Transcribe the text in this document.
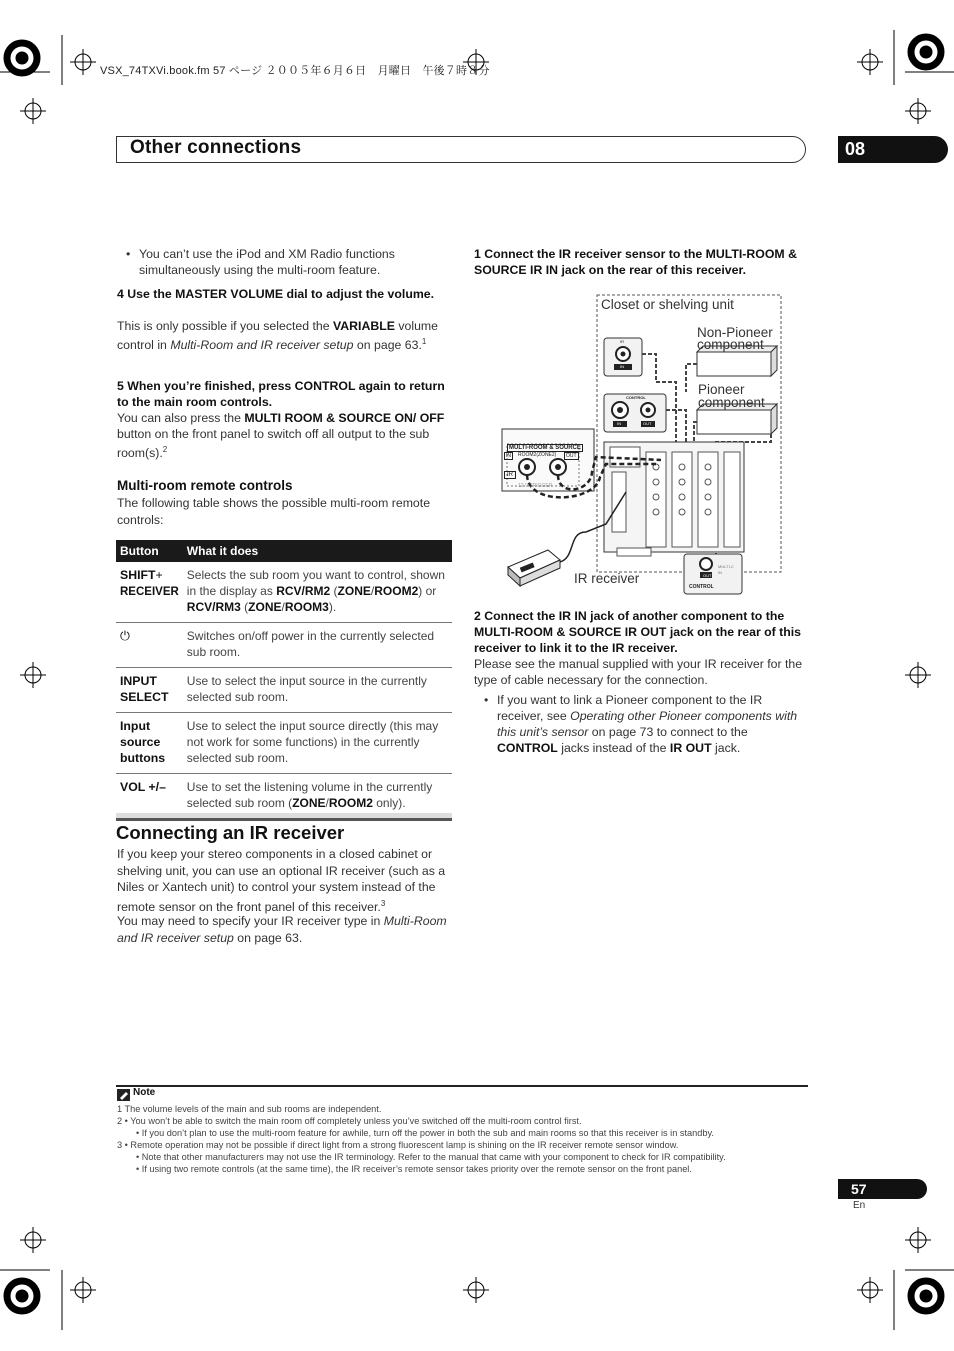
VSX_74TXVi.book.fm 57 ページ ２００５年６月６日　月曜日　午後７時８分
Other connections	08
• You can’t use the iPod and XM Radio functions simultaneously using the multi-room feature.
4 Use the MASTER VOLUME dial to adjust the volume.
This is only possible if you selected the VARIABLE volume control in Multi-Room and IR receiver setup on page 63.$^1$
5 When you’re finished, press CONTROL again to return to the main room controls.
You can also press the MULTI ROOM & SOURCE ON/ OFF button on the front panel to switch off all output to the sub room(s).$^2$
Multi-room remote controls
The following table shows the possible multi-room remote controls:
Button	What it does
SHIFT+
RECEIVER	Selects the sub room you want to control, shown in the display as RCV/RM2 (ZONE/ROOM2) or RCV/RM3 (ZONE/ROOM3).
⏻	Switches on/off power in the currently selected sub room.
INPUT SELECT	Use to select the input source in the currently selected sub room.
Input source buttons	Use to select the input source directly (this may not work for some functions) in the currently selected sub room.
VOL +/–	Use to set the listening volume in the currently selected sub room (ZONE/ROOM2 only).
Connecting an IR receiver
If you keep your stereo components in a closed cabinet or shelving unit, you can use an optional IR receiver (such as a Niles or Xantech unit) to control your system instead of the remote sensor on the front panel of this receiver.$^3$
You may need to specify your IR receiver type in Multi-Room and IR receiver setup on page 63.
1 Connect the IR receiver sensor to the MULTI-ROOM & SOURCE IR IN jack on the rear of this receiver.
Closet or shelving unit
Non-Pioneer
component
Pioneer
component
IR receiver
MULTI-ROOM & SOURCE
ROOM2(ZONE2)
IN	OUT
IR
12 V TRIGGER
IR
IN
CONTROL
IN	OUT
CONTROL
MULTI-C
IN
OUT
2 Connect the IR IN jack of another component to the MULTI-ROOM & SOURCE IR OUT jack on the rear of this receiver to link it to the IR receiver.
Please see the manual supplied with your IR receiver for the type of cable necessary for the connection.
• If you want to link a Pioneer component to the IR receiver, see Operating other Pioneer components with this unit’s sensor on page 73 to connect to the CONTROL jacks instead of the IR OUT jack.
Note
1 The volume levels of the main and sub rooms are independent.
2 • You won’t be able to switch the main room off completely unless you’ve switched off the multi-room control first.
• If you don’t plan to use the multi-room feature for awhile, turn off the power in both the sub and main rooms so that this receiver is in standby.
3 • Remote operation may not be possible if direct light from a strong fluorescent lamp is shining on the IR receiver remote sensor window.
• Note that other manufacturers may not use the IR terminology. Refer to the manual that came with your component to check for IR compatibility.
• If using two remote controls (at the same time), the IR receiver’s remote sensor takes priority over the remote sensor on the front panel.
57
En
